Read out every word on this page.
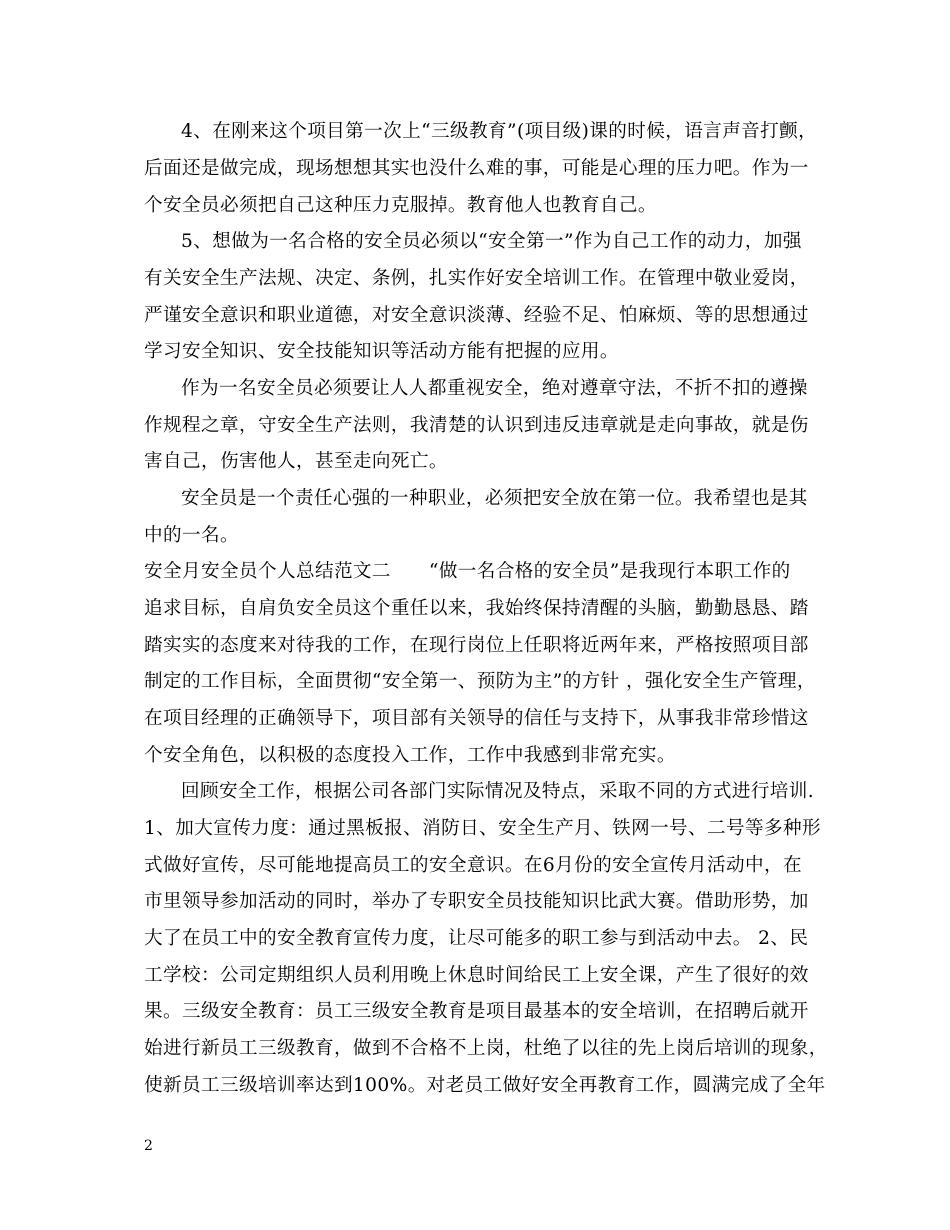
4、在刚来这个项目第一次上“三级教育”(项目级)课的时候，语言声音打颤，
后面还是做完成，现场想想其实也没什么难的事，可能是心理的压力吧。作为一
个安全员必须把自己这种压力克服掉。教育他人也教育自己。
5、想做为一名合格的安全员必须以“安全第一”作为自己工作的动力，加强
有关安全生产法规、决定、条例，扎实作好安全培训工作。在管理中敬业爱岗，
严谨安全意识和职业道德，对安全意识淡薄、经验不足、怕麻烦、等的思想通过
学习安全知识、安全技能知识等活动方能有把握的应用。
作为一名安全员必须要让人人都重视安全，绝对遵章守法，不折不扣的遵操
作规程之章，守安全生产法则，我清楚的认识到违反违章就是走向事故，就是伤
害自己，伤害他人，甚至走向死亡。
安全员是一个责任心强的一种职业，必须把安全放在第一位。我希望也是其
中的一名。
安全月安全员个人总结范文二　　“做一名合格的安全员”是我现行本职工作的
追求目标，自肩负安全员这个重任以来，我始终保持清醒的头脑，勤勤恳恳、踏
踏实实的态度来对待我的工作，在现行岗位上任职将近两年来，严格按照项目部
制定的工作目标，全面贯彻“安全第一、预防为主”的方针 ，强化安全生产管理，
在项目经理的正确领导下，项目部有关领导的信任与支持下，从事我非常珍惜这
个安全角色，以积极的态度投入工作，工作中我感到非常充实。
回顾安全工作，根据公司各部门实际情况及特点，采取不同的方式进行培训.
1、加大宣传力度：通过黑板报、消防日、安全生产月、铁网一号、二号等多种形
式做好宣传，尽可能地提高员工的安全意识。在6月份的安全宣传月活动中，在
市里领导参加活动的同时，举办了专职安全员技能知识比武大赛。借助形势，加
大了在员工中的安全教育宣传力度，让尽可能多的职工参与到活动中去。 2、民
工学校：公司定期组织人员利用晚上休息时间给民工上安全课，产生了很好的效
果。三级安全教育：员工三级安全教育是项目最基本的安全培训，在招聘后就开
始进行新员工三级教育，做到不合格不上岗，杜绝了以往的先上岗后培训的现象，
使新员工三级培训率达到100%。对老员工做好安全再教育工作，圆满完成了全年
2
